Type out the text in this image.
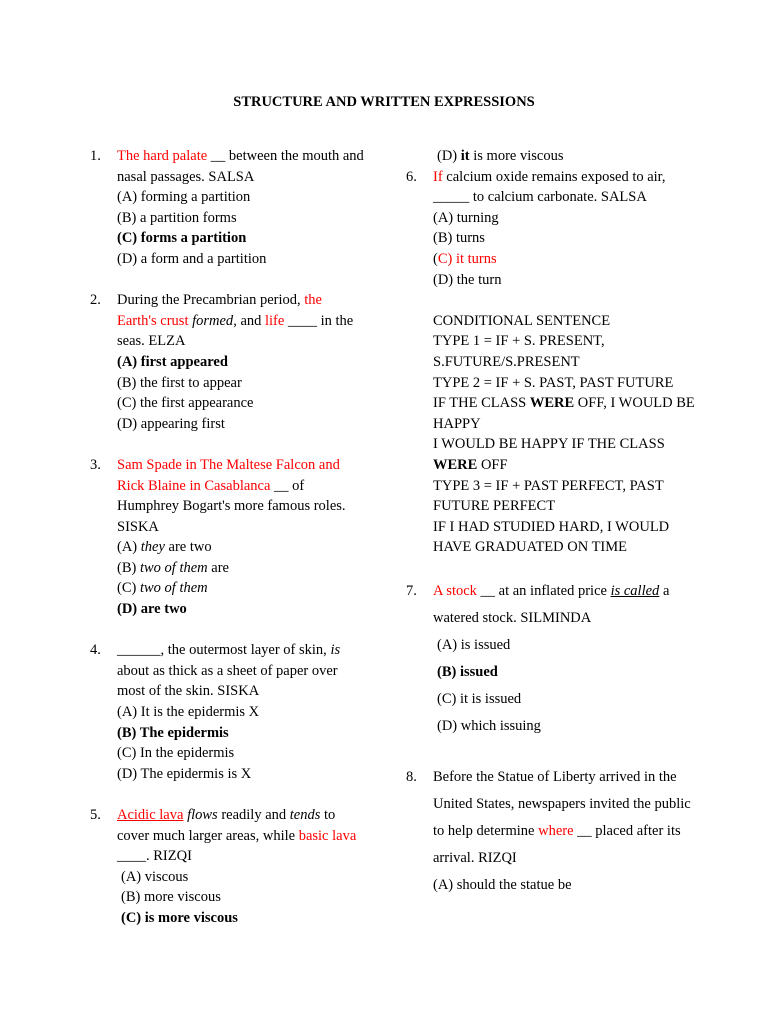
STRUCTURE AND WRITTEN EXPRESSIONS
1. The hard palate __ between the mouth and nasal passages. SALSA
(A) forming a partition
(B) a partition forms
(C) forms a partition
(D) a form and a partition
2. During the Precambrian period, the Earth's crust formed, and life ____ in the seas. ELZA
(A) first appeared
(B) the first to appear
(C) the first appearance
(D) appearing first
3. Sam Spade in The Maltese Falcon and Rick Blaine in Casablanca __ of Humphrey Bogart's more famous roles. SISKA
(A) they are two
(B) two of them are
(C) two of them
(D) are two
4. ______, the outermost layer of skin, is about as thick as a sheet of paper over most of the skin. SISKA
(A) It is the epidermis X
(B) The epidermis
(C) In the epidermis
(D) The epidermis is X
5. Acidic lava flows readily and tends to cover much larger areas, while basic lava ____. RIZQI
(A) viscous
(B) more viscous
(C) is more viscous
(D) it is more viscous
6. If calcium oxide remains exposed to air, _____ to calcium carbonate. SALSA
(A) turning
(B) turns
(C) it turns
(D) the turn
CONDITIONAL SENTENCE
TYPE 1 = IF + S. PRESENT, S.FUTURE/S.PRESENT
TYPE 2 = IF + S. PAST, PAST FUTURE
IF THE CLASS WERE OFF, I WOULD BE HAPPY
I WOULD BE HAPPY IF THE CLASS WERE OFF
TYPE 3 = IF + PAST PERFECT, PAST FUTURE PERFECT
IF I HAD STUDIED HARD, I WOULD HAVE GRADUATED ON TIME
7. A stock __ at an inflated price is called a watered stock. SILMINDA
(A) is issued
(B) issued
(C) it is issued
(D) which issuing
8. Before the Statue of Liberty arrived in the United States, newspapers invited the public to help determine where __ placed after its arrival. RIZQI
(A) should the statue be
